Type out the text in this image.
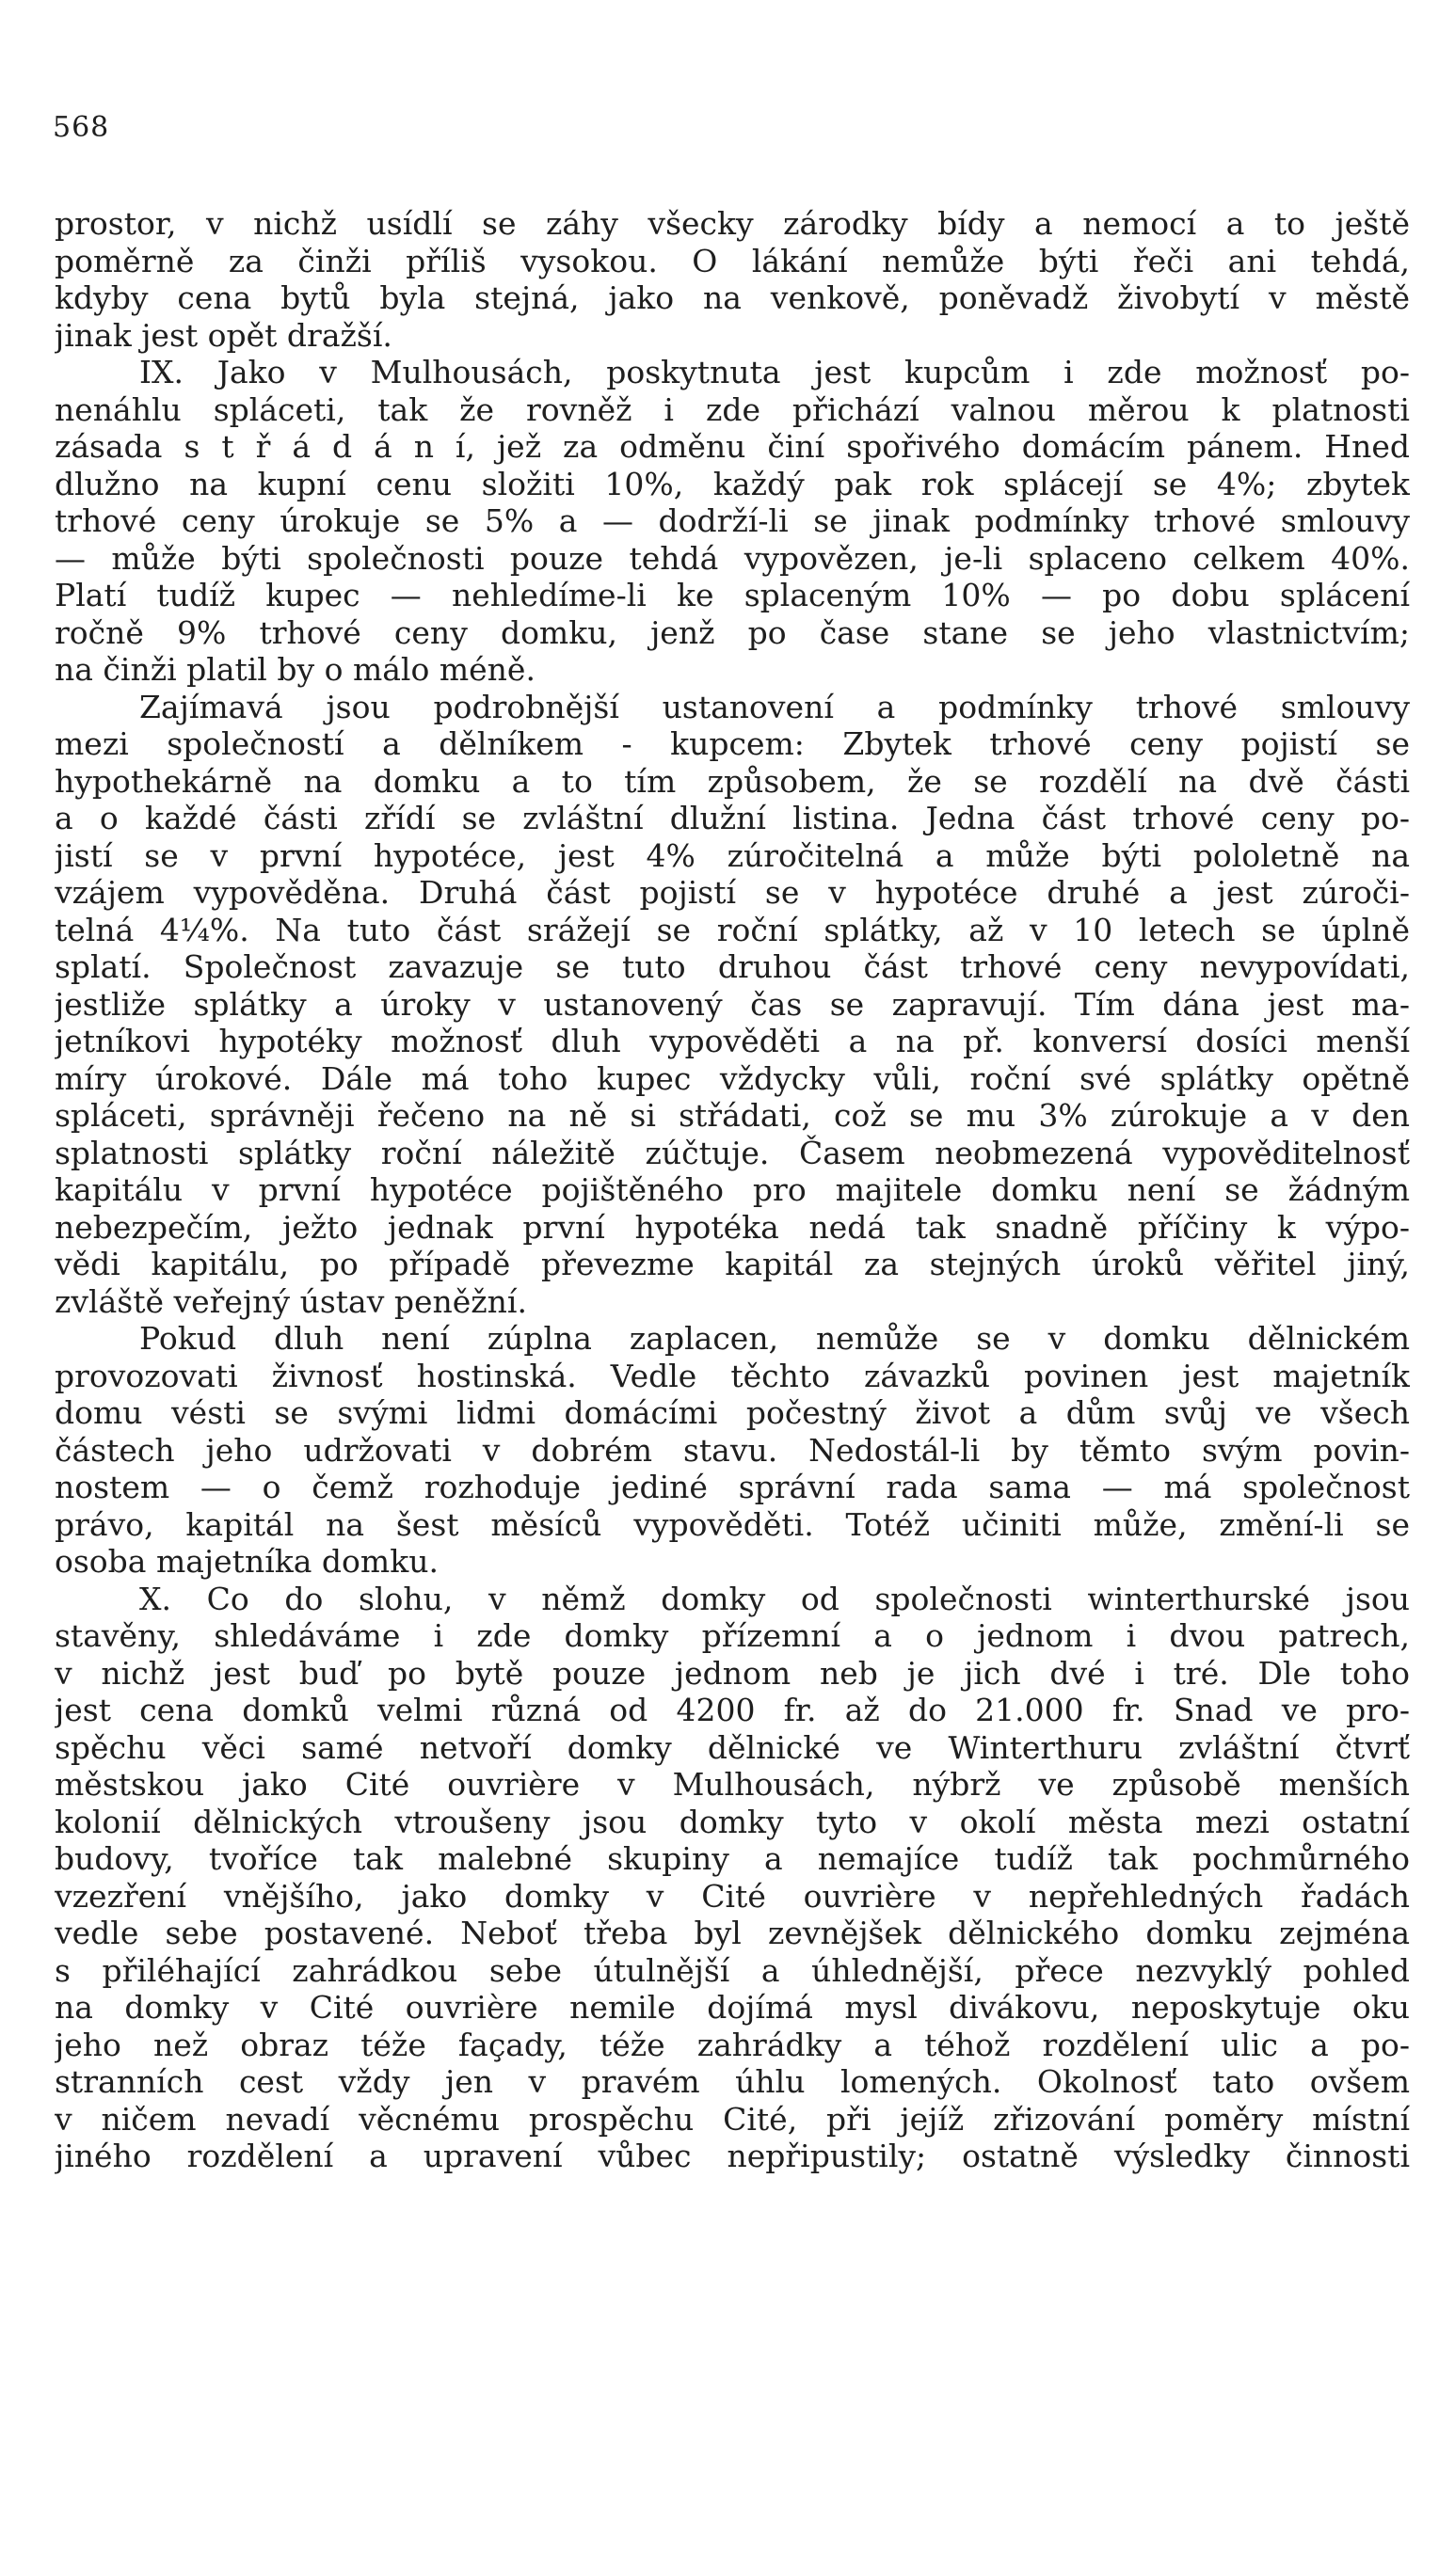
568
prostor, v nichž usídlí se záhy všecky zárodky bídy a nemocí a to ještě
poměrně za činži příliš vysokou. O lákání nemůže býti řeči ani tehdá,
kdyby cena bytů byla stejná, jako na venkově, poněvadž živobytí v městě
jinak jest opět dražší.
IX. Jako v Mulhousách, poskytnuta jest kupcům i zde možnosť po-
nenáhlu spláceti, tak že rovněž i zde přichází valnou měrou k platnosti
zásada s t ř á d á n í, jež za odměnu činí spořivého domácím pánem. Hned
dlužno na kupní cenu složiti 10%, každý pak rok splácejí se 4%; zbytek
trhové ceny úrokuje se 5% a — dodrží-li se jinak podmínky trhové smlouvy
— může býti společnosti pouze tehdá vypovězen, je-li splaceno celkem 40%.
Platí tudíž kupec — nehledíme-li ke splaceným 10% — po dobu splácení
ročně 9% trhové ceny domku, jenž po čase stane se jeho vlastnictvím;
na činži platil by o málo méně.
Zajímavá jsou podrobnější ustanovení a podmínky trhové smlouvy
mezi společností a dělníkem - kupcem: Zbytek trhové ceny pojistí se
hypothekárně na domku a to tím způsobem, že se rozdělí na dvě části
a o každé části zřídí se zvláštní dlužní listina. Jedna část trhové ceny po-
jistí se v první hypotéce, jest 4% zúročitelná a může býti pololetně na
vzájem vypověděna. Druhá část pojistí se v hypotéce druhé a jest zúroči-
telná 4¼%. Na tuto část srážejí se roční splátky, až v 10 letech se úplně
splatí. Společnost zavazuje se tuto druhou část trhové ceny nevypovídati,
jestliže splátky a úroky v ustanovený čas se zapravují. Tím dána jest ma-
jetníkovi hypotéky možnosť dluh vypověděti a na př. konversí dosíci menší
míry úrokové. Dále má toho kupec vždycky vůli, roční své splátky opětně
spláceti, správněji řečeno na ně si střádati, což se mu 3% zúrokuje a v den
splatnosti splátky roční náležitě zúčtuje. Časem neobmezená vypověditelnosť
kapitálu v první hypotéce pojištěného pro majitele domku není se žádným
nebezpečím, ježto jednak první hypotéka nedá tak snadně příčiny k výpo-
vědi kapitálu, po případě převezme kapitál za stejných úroků věřitel jiný,
zvláště veřejný ústav peněžní.
Pokud dluh není zúplna zaplacen, nemůže se v domku dělnickém
provozovati živnosť hostinská. Vedle těchto závazků povinen jest majetník
domu vésti se svými lidmi domácími počestný život a dům svůj ve všech
částech jeho udržovati v dobrém stavu. Nedostál-li by těmto svým povin-
nostem — o čemž rozhoduje jediné správní rada sama — má společnost
právo, kapitál na šest měsíců vypověděti. Totéž učiniti může, změní-li se
osoba majetníka domku.
X. Co do slohu, v němž domky od společnosti winterthurské jsou
stavěny, shledáváme i zde domky přízemní a o jednom i dvou patrech,
v nichž jest buď po bytě pouze jednom neb je jich dvé i tré. Dle toho
jest cena domků velmi různá od 4200 fr. až do 21.000 fr. Snad ve pro-
spěchu věci samé netvoří domky dělnické ve Winterthuru zvláštní čtvrť
městskou jako Cité ouvrière v Mulhousách, nýbrž ve způsobě menších
kolonií dělnických vtroušeny jsou domky tyto v okolí města mezi ostatní
budovy, tvoříce tak malebné skupiny a nemajíce tudíž tak pochmůrného
vzezření vnějšího, jako domky v Cité ouvrière v nepřehledných řadách
vedle sebe postavené. Neboť třeba byl zevnějšek dělnického domku zejména
s přiléhající zahrádkou sebe útulnější a úhlednější, přece nezvyklý pohled
na domky v Cité ouvrière nemile dojímá mysl divákovu, neposkytuje oku
jeho než obraz téže façady, téže zahrádky a téhož rozdělení ulic a po-
stranních cest vždy jen v pravém úhlu lomených. Okolnosť tato ovšem
v ničem nevadí věcnému prospěchu Cité, při jejíž zřizování poměry místní
jiného rozdělení a upravení vůbec nepřipustily; ostatně výsledky činnosti
